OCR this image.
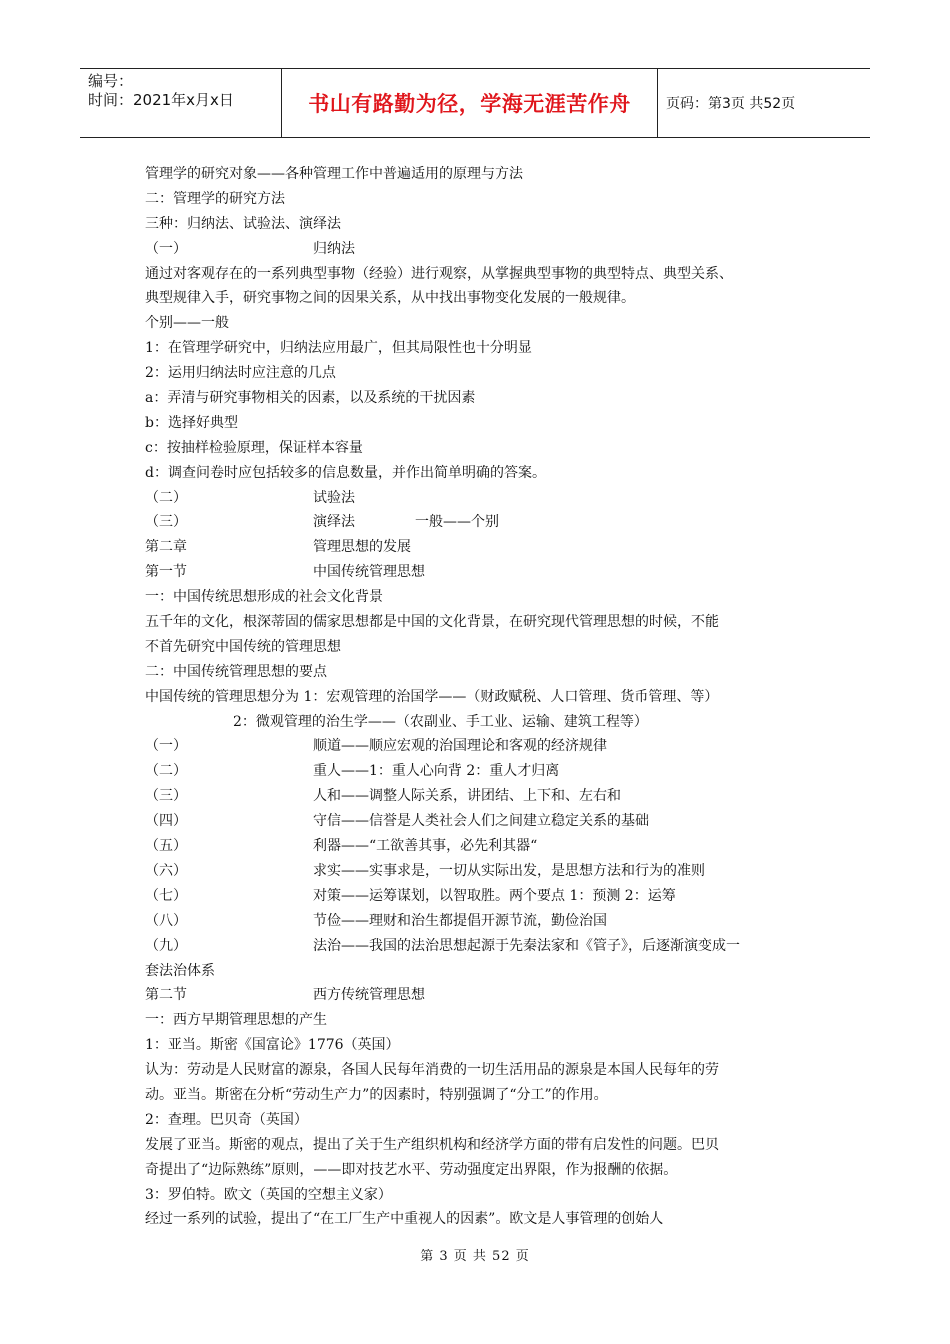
编号：
时间：2021年x月x日	书山有路勤为径，学海无涯苦作舟	页码：第3页 共52页
管理学的研究对象——各种管理工作中普遍适用的原理与方法
二：管理学的研究方法
三种：归纳法、试验法、演绎法
（一）	归纳法
通过对客观存在的一系列典型事物（经验）进行观察，从掌握典型事物的典型特点、典型关系、
典型规律入手，研究事物之间的因果关系，从中找出事物变化发展的一般规律。
个别——一般
1：在管理学研究中，归纳法应用最广，但其局限性也十分明显
2：运用归纳法时应注意的几点
a：弄清与研究事物相关的因素，以及系统的干扰因素
b：选择好典型
c：按抽样检验原理，保证样本容量
d：调查问卷时应包括较多的信息数量，并作出简单明确的答案。
（二）	试验法
（三）	演绎法	一般——个别
第二章	管理思想的发展
第一节	中国传统管理思想
一：中国传统思想形成的社会文化背景
五千年的文化，根深蒂固的儒家思想都是中国的文化背景，在研究现代管理思想的时候，不能
不首先研究中国传统的管理思想
二：中国传统管理思想的要点
中国传统的管理思想分为 1：宏观管理的治国学——（财政赋税、人口管理、货币管理、等）
2：微观管理的治生学——（农副业、手工业、运输、建筑工程等）
（一）	顺道——顺应宏观的治国理论和客观的经济规律
（二）	重人——1：重人心向背 2：重人才归离
（三）	人和——调整人际关系，讲团结、上下和、左右和
（四）	守信——信誉是人类社会人们之间建立稳定关系的基础
（五）	利器——“工欲善其事，必先利其器“
（六）	求实——实事求是，一切从实际出发，是思想方法和行为的准则
（七）	对策——运筹谋划，以智取胜。两个要点 1：预测 2：运筹
（八）	节俭——理财和治生都提倡开源节流，勤俭治国
（九）	法治——我国的法治思想起源于先秦法家和《管子》，后逐渐演变成一
套法治体系
第二节	西方传统管理思想
一：西方早期管理思想的产生
1：亚当。斯密《国富论》1776（英国）
认为：劳动是人民财富的源泉，各国人民每年消费的一切生活用品的源泉是本国人民每年的劳
动。亚当。斯密在分析“劳动生产力”的因素时，特别强调了“分工”的作用。
2：查理。巴贝奇（英国）
发展了亚当。斯密的观点，提出了关于生产组织机构和经济学方面的带有启发性的问题。巴贝
奇提出了“边际熟练”原则，——即对技艺水平、劳动强度定出界限，作为报酬的依据。
3：罗伯特。欧文（英国的空想主义家）
经过一系列的试验，提出了“在工厂生产中重视人的因素”。欧文是人事管理的创始人
第 3 页 共 52 页
